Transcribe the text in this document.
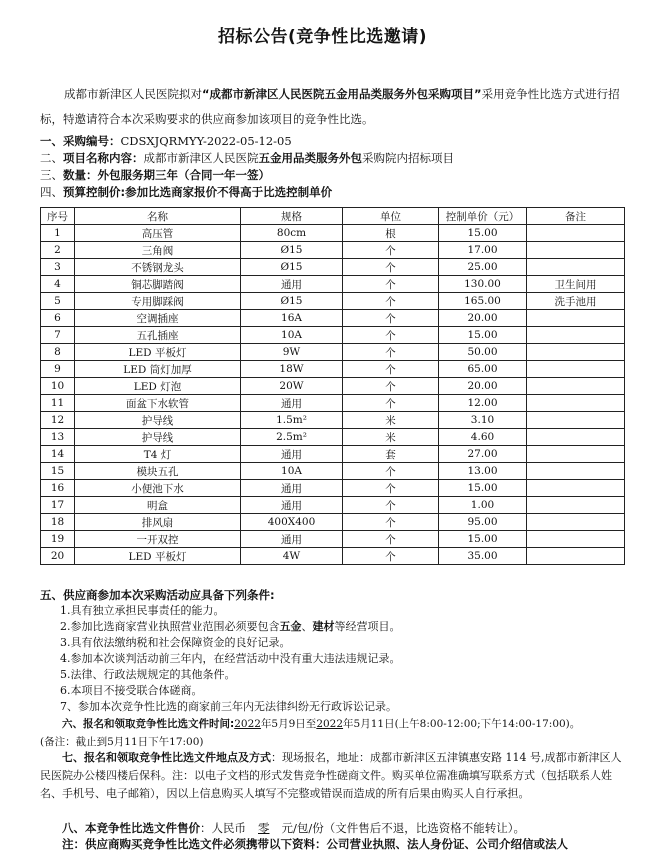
招标公告(竞争性比选邀请)
成都市新津区人民医院拟对“成都市新津区人民医院五金用品类服务外包采购项目”采用竞争性比选方式进行招标，特邀请符合本次采购要求的供应商参加该项目的竞争性比选。
一、采购编号：CDSXJQRMYY-2022-05-12-05
二、项目名称内容：成都市新津区人民医院五金用品类服务外包采购院内招标项目
三、数量：外包服务期三年（合同一年一签）
四、预算控制价:参加比选商家报价不得高于比选控制单价
序号	名称	规格	单位	控制单价（元）	备注
1	高压管	80cm	根	15.00	
2	三角阀	Ø15	个	17.00	
3	不锈钢龙头	Ø15	个	25.00	
4	铜芯脚踏阀	通用	个	130.00	卫生间用
5	专用脚踩阀	Ø15	个	165.00	洗手池用
6	空调插座	16A	个	20.00	
7	五孔插座	10A	个	15.00	
8	LED 平板灯	9W	个	50.00	
9	LED 筒灯加厚	18W	个	65.00	
10	LED 灯泡	20W	个	20.00	
11	面盆下水软管	通用	个	12.00	
12	护导线	1.5m²	米	3.10	
13	护导线	2.5m²	米	4.60	
14	T4 灯	通用	套	27.00	
15	模块五孔	10A	个	13.00	
16	小便池下水	通用	个	15.00	
17	明盒	通用	个	1.00	
18	排风扇	400X400	个	95.00	
19	一开双控	通用	个	15.00	
20	LED 平板灯	4W	个	35.00	
五、供应商参加本次采购活动应具备下列条件:
1.具有独立承担民事责任的能力。
2.参加比选商家营业执照营业范围必须要包含五金、建材等经营项目。
3.具有依法缴纳税和社会保障资金的良好记录。
4.参加本次谈判活动前三年内，在经营活动中没有重大违法违规记录。
5.法律、行政法规规定的其他条件。
6.本项目不接受联合体磋商。
7、参加本次竞争性比选的商家前三年内无法律纠纷无行政诉讼记录。
六、报名和领取竞争性比选文件时间:2022年5月9日至2022年5月11日(上午8:00-12:00;下午14:00-17:00)。
(备注：截止到5月11日下午17:00)
七、报名和领取竞争性比选文件地点及方式：现场报名，地址：成都市新津区五津镇惠安路 114 号,成都市新津区人民医院办公楼四楼后保科。注：以电子文档的形式发售竞争性磋商文件。购买单位需准确填写联系方式（包括联系人姓名、手机号、电子邮箱），因以上信息购买人填写不完整或错误而造成的所有后果由购买人自行承担。
八、本竞争性比选文件售价：人民币 零 元/包/份（文件售后不退，比选资格不能转让）。
注：供应商购买竞争性比选文件必须携带以下资料：公司营业执照、法人身份证、公司介绍信或法人
